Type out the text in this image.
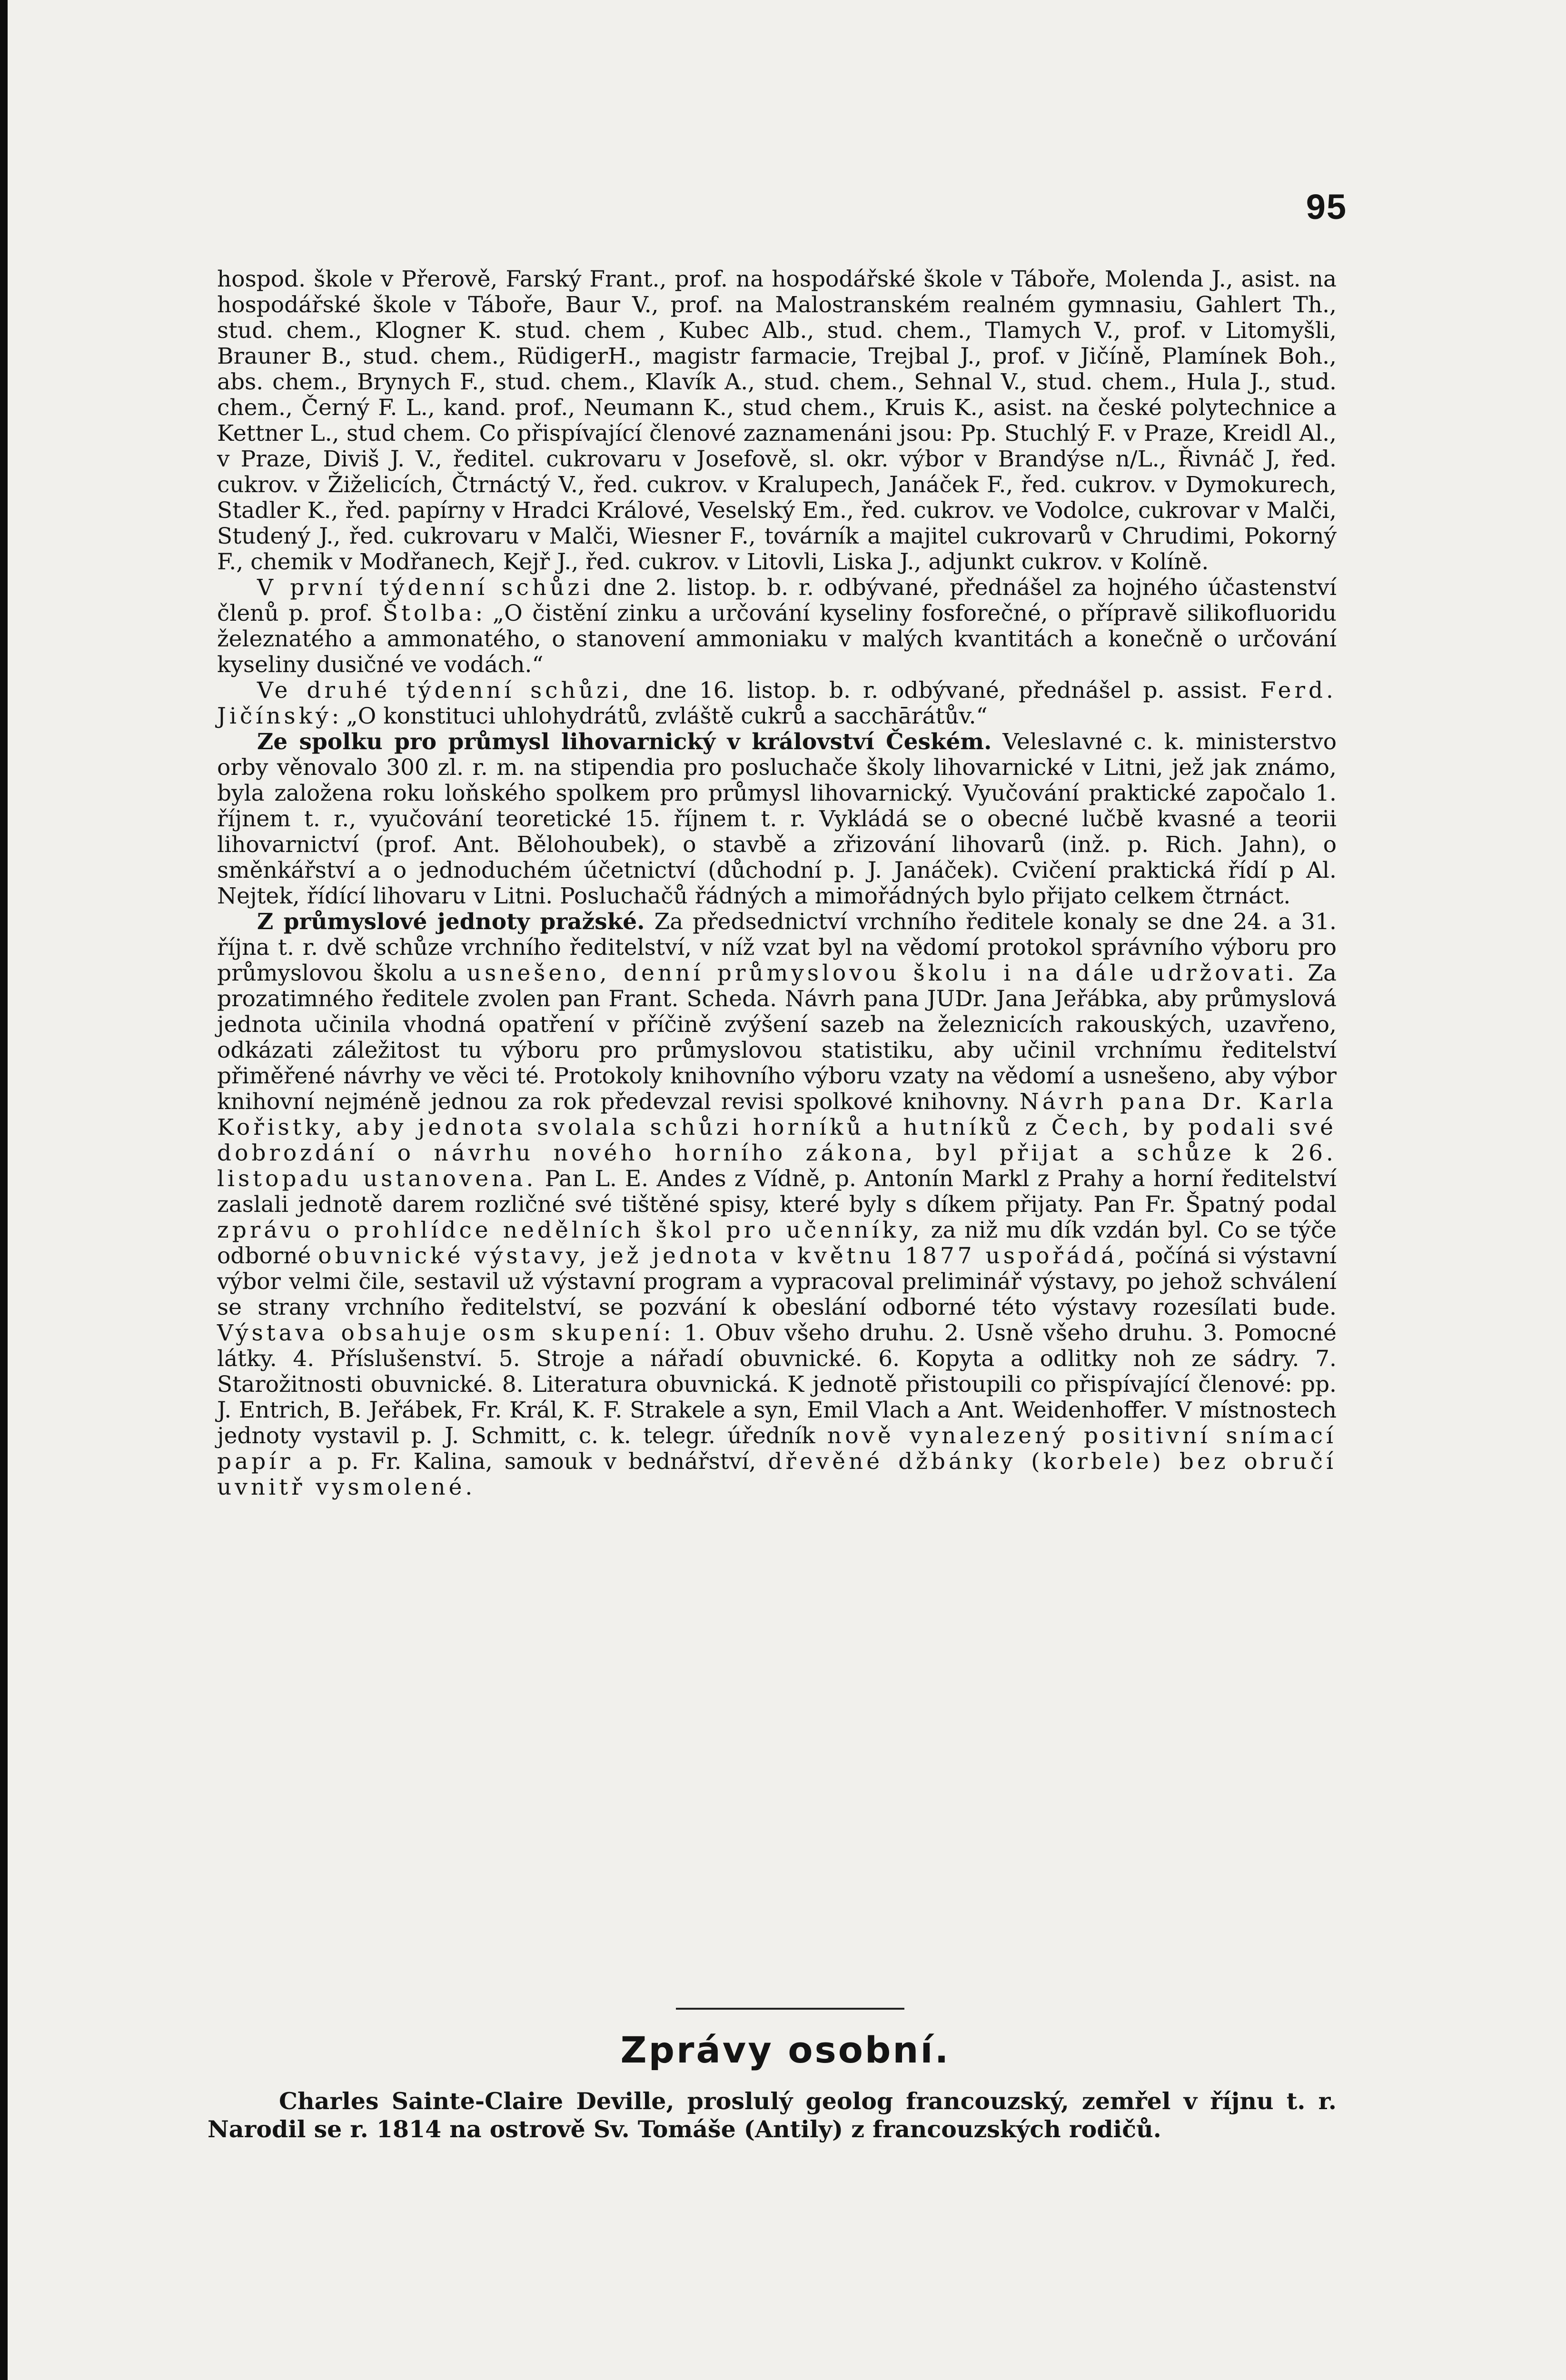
95

hospod. škole v Přerově, Farský Frant., prof. na hospodářské škole v Táboře, Molenda J., asist. na hospodářské škole v Táboře, Baur V., prof. na Malostranském realném gymnasiu, Gahlert Th., stud. chem., Klogner K. stud. chem , Kubec Alb., stud. chem., Tlamych V., prof. v Litomyšli, Brauner B., stud. chem., RüdigerH., magistr farmacie, Trejbal J., prof. v Jičíně, Plamínek Boh., abs. chem., Brynych F., stud. chem., Klavík A., stud. chem., Sehnal V., stud. chem., Hula J., stud. chem., Černý F. L., kand. prof., Neumann K., stud chem., Kruis K., asist. na české polytechnice a Kettner L., stud chem. Co přispívající členové zaznamenáni jsou: Pp. Stuchlý F. v Praze, Kreidl Al., v Praze, Diviš J. V., ředitel. cukrovaru v Josefově, sl. okr. výbor v Brandýse n/L., Řivnáč J, řed. cukrov. v Žiželicích, Čtrnáctý V., řed. cukrov. v Kralupech, Janáček F., řed. cukrov. v Dymokurech, Stadler K., řed. papírny v Hradci Králové, Veselský Em., řed. cukrov. ve Vodolce, cukrovar v Malči, Studený J., řed. cukrovaru v Malči, Wiesner F., továrník a majitel cukrovarů v Chrudimi, Pokorný F., chemik v Modřanech, Kejř J., řed. cukrov. v Litovli, Liska J., adjunkt cukrov. v Kolíně.

V první týdenní schůzi dne 2. listop. b. r. odbývané, přednášel za hojného účastenství členů p. prof. Štolba: „O čistění zinku a určování kyseliny fosforečné, o přípravě silikofluoridu železnatého a ammonatého, o stanovení ammoniaku v malých kvantitách a konečně o určování kyseliny dusičné ve vodách.“

Ve druhé týdenní schůzi, dne 16. listop. b. r. odbývané, přednášel p. assist. Ferd. Jičínský: „O konstituci uhlohydrátů, zvláště cukrů a sacchārátův.“

Ze spolku pro průmysl lihovarnický v království Českém. Veleslavné c. k. ministerstvo orby věnovalo 300 zl. r. m. na stipendia pro posluchače školy lihovarnické v Litni, jež jak známo, byla založena roku loňského spolkem pro průmysl lihovarnický. Vyučování praktické započalo 1. říjnem t. r., vyučování teoretické 15. říjnem t. r. Vykládá se o obecné lučbě kvasné a teorii lihovarnictví (prof. Ant. Bělohoubek), o stavbě a zřizování lihovarů (inž. p. Rich. Jahn), o směnkářství a o jednoduchém účetnictví (důchodní p. J. Janáček). Cvičení praktická řídí p Al. Nejtek, řídící lihovaru v Litni. Posluchačů řádných a mimořádných bylo přijato celkem čtrnáct.

Z průmyslové jednoty pražské. Za předsednictví vrchního ředitele konaly se dne 24. a 31. října t. r. dvě schůze vrchního ředitelství, v níž vzat byl na vědomí protokol správního výboru pro průmyslovou školu a usnešeno, denní průmyslovou školu i na dále udržovati. Za prozatimného ředitele zvolen pan Frant. Scheda. Návrh pana JUDr. Jana Jeřábka, aby průmyslová jednota učinila vhodná opatření v příčině zvýšení sazeb na železnicích rakouských, uzavřeno, odkázati záležitost tu výboru pro průmyslovou statistiku, aby učinil vrchnímu ředitelství přiměřené návrhy ve věci té. Protokoly knihovního výboru vzaty na vědomí a usnešeno, aby výbor knihovní nejméně jednou za rok předevzal revisi spolkové knihovny. Návrh pana Dr. Karla Kořistky, aby jednota svolala schůzi horníků a hutníků z Čech, by podali své dobrozdání o návrhu nového horního zákona, byl přijat a schůze k 26. listopadu ustanovena. Pan L. E. Andes z Vídně, p. Antonín Markl z Prahy a horní ředitelství zaslali jednotě darem rozličné své tištěné spisy, které byly s díkem přijaty. Pan Fr. Špatný podal zprávu o prohlídce nedělních škol pro učenníky, za niž mu dík vzdán byl. Co se týče odborné obuvnické výstavy, jež jednota v květnu 1877 uspořádá, počíná si výstavní výbor velmi čile, sestavil už výstavní program a vypracoval preliminář výstavy, po jehož schválení se strany vrchního ředitelství, se pozvání k obeslání odborné této výstavy rozesílati bude. Výstava obsahuje osm skupení: 1. Obuv všeho druhu. 2. Usně všeho druhu. 3. Pomocné látky. 4. Příslušenství. 5. Stroje a nářadí obuvnické. 6. Kopyta a odlitky noh ze sádry. 7. Starožitnosti obuvnické. 8. Literatura obuvnická. K jednotě přistoupili co přispívající členové: pp. J. Entrich, B. Jeřábek, Fr. Král, K. F. Strakele a syn, Emil Vlach a Ant. Weidenhoffer. V místnostech jednoty vystavil p. J. Schmitt, c. k. telegr. úředník nově vynalezený positivní snímací papír a p. Fr. Kalina, samouk v bednářství, dřevěné džbánky (korbele) bez obručí uvnitř vysmolené.

Zprávy osobní.

Charles Sainte-Claire Deville, proslulý geolog francouzský, zemřel v říjnu t. r. Narodil se r. 1814 na ostrově Sv. Tomáše (Antily) z francouzských rodičů.
